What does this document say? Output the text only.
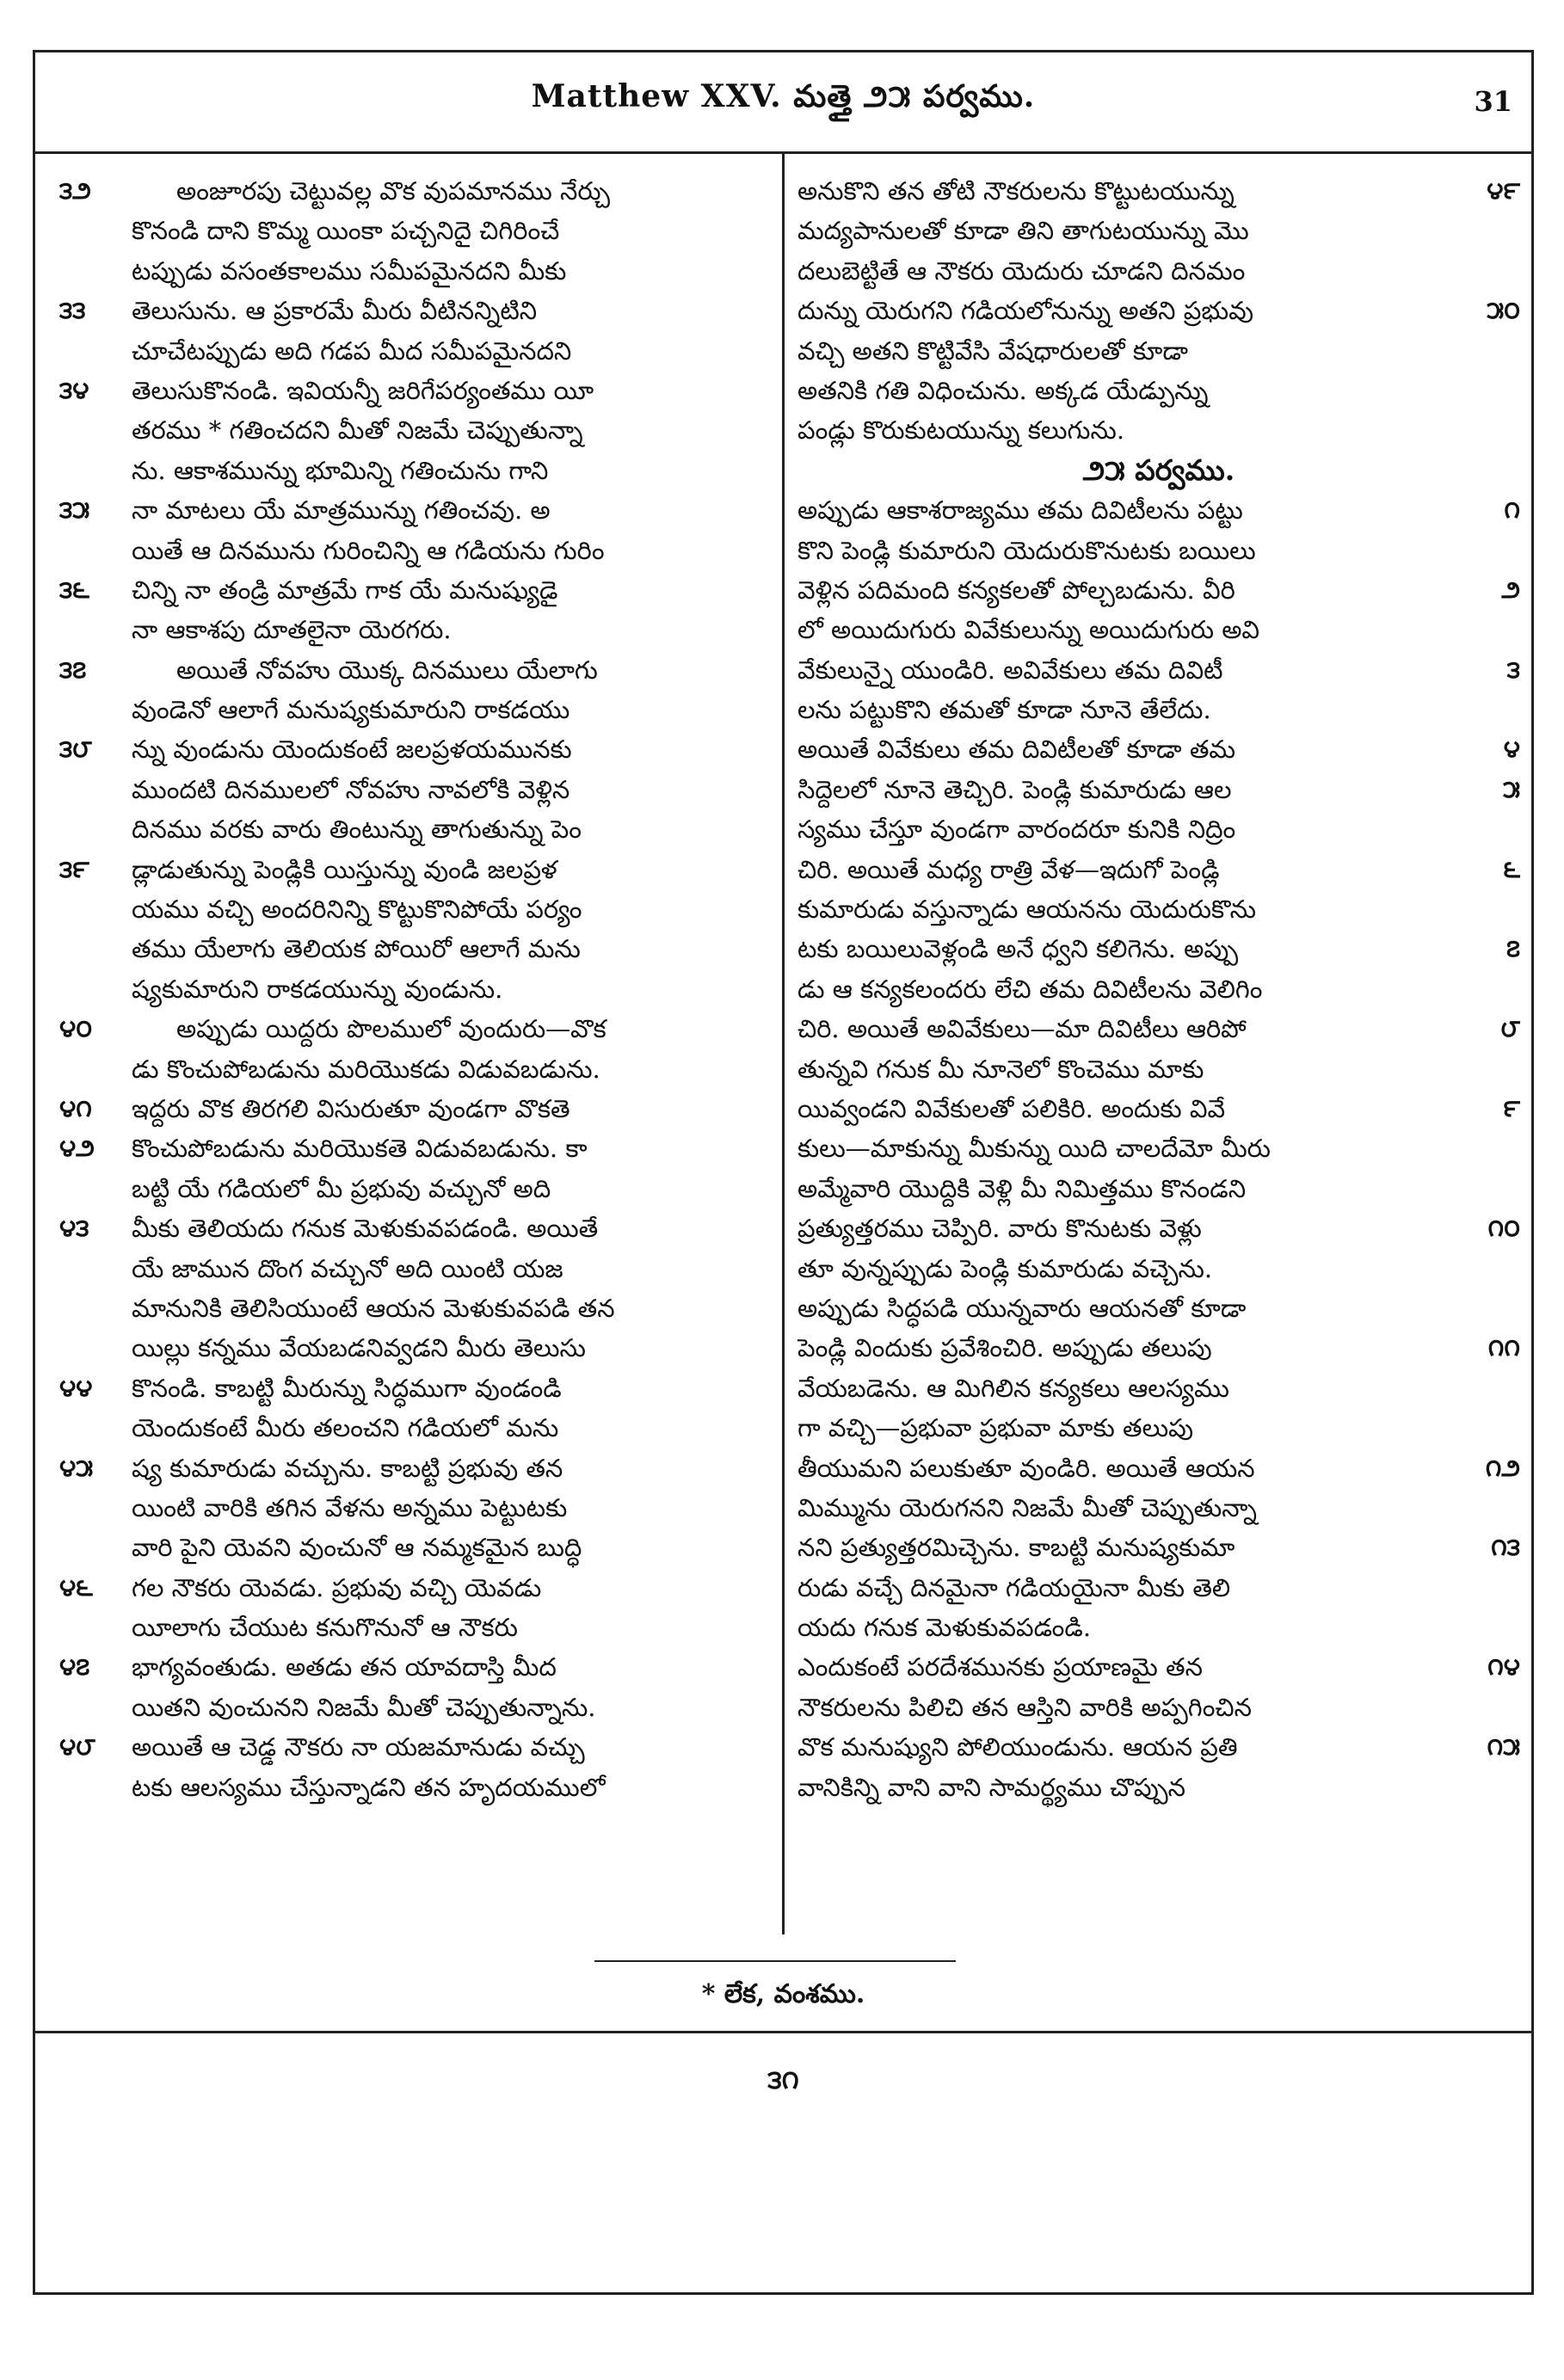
Matthew XXV. మత్తై ౨౫ పర్వము.	31
౩౨	అంజూరపు చెట్టువల్ల వొక వుపమానము నేర్చు
కొనండి దాని కొమ్మ యింకా పచ్చనిదై చిగిరించే
టప్పుడు వసంతకాలము సమీపమైనదని మీకు
౩౩ తెలుసును. ఆ ప్రకారమే మీరు వీటినన్నిటిని
చూచేటప్పుడు అది గడప మీద సమీపమైనదని
౩౪ తెలుసుకొనండి. ఇవియన్నీ జరిగేపర్యంతము యీ
తరము * గతించదని మీతో నిజమే చెప్పుతున్నా
ను. ఆకాశమున్ను భూమిన్ని గతించును గాని
౩౫ నా మాటలు యే మాత్రమున్ను గతించవు. అ
యితే ఆ దినమును గురించిన్ని ఆ గడియను గురిం
౩౬ చిన్ని నా తండ్రి మాత్రమే గాక యే మనుష్యుడై
నా ఆకాశపు దూతలైనా యెరగరు.
౩౭	అయితే నోవహు యొక్క దినములు యేలాగు
వుండెనో ఆలాగే మనుష్యకుమారుని రాకడయు
౩౮ న్ను వుండును యెందుకంటే జలప్రళయమునకు
ముందటి దినములలో నోవహు నావలోకి వెళ్లిన
దినము వరకు వారు తింటున్ను తాగుతున్ను పెం
౩౯ డ్లాడుతున్ను పెండ్లికి యిస్తున్ను వుండి జలప్రళ
యము వచ్చి అందరినిన్ని కొట్టుకొనిపోయే పర్యం
తము యేలాగు తెలియక పోయిరో ఆలాగే మను
ష్యకుమారుని రాకడయున్ను వుండును.
౪౦	అప్పుడు యిద్దరు పొలములో వుందురు—వొక
డు కొంచుపోబడును మరియొకడు విడువబడును.
౪౧ ఇద్దరు వొక తిరగలి విసురుతూ వుండగా వొకతె
౪౨ కొంచుపోబడును మరియొకతె విడువబడును. కా
బట్టి యే గడియలో మీ ప్రభువు వచ్చునో అది
౪౩ మీకు తెలియదు గనుక మెళుకువపడండి. అయితే
యే జామున దొంగ వచ్చునో అది యింటి యజ
మానునికి తెలిసియుంటే ఆయన మెళుకువపడి తన
యిల్లు కన్నము వేయబడనివ్వడని మీరు తెలుసు
౪౪ కొనండి. కాబట్టి మీరున్ను సిద్ధముగా వుండండి
యెందుకంటే మీరు తలంచని గడియలో మను
౪౫ ష్య కుమారుడు వచ్చును. కాబట్టి ప్రభువు తన
యింటి వారికి తగిన వేళను అన్నము పెట్టుటకు
వారి పైని యెవని వుంచునో ఆ నమ్మకమైన బుద్ధి
౪౬ గల నౌకరు యెవడు. ప్రభువు వచ్చి యెవడు
యీలాగు చేయుట కనుగొనునో ఆ నౌకరు
౪౭ భాగ్యవంతుడు. అతడు తన యావదాస్తి మీద
యితని వుంచునని నిజమే మీతో చెప్పుతున్నాను.
౪౮ అయితే ఆ చెడ్డ నౌకరు నా యజమానుడు వచ్చు
టకు ఆలస్యము చేస్తున్నాడని తన హృదయములో
౪౯
అనుకొని తన తోటి నౌకరులను కొట్టుటయున్ను
మద్యపానులతో కూడా తిని తాగుటయున్ను మొ
దలుబెట్టితే ఆ నౌకరు యెదురు చూడని దినమం
౫౦
దున్ను యెరుగని గడియలోనున్ను అతని ప్రభువు
వచ్చి అతని కొట్టివేసి వేషధారులతో కూడా
అతనికి గతి విధించును. అక్కడ యేడ్పున్ను
పండ్లు కొరుకుటయున్ను కలుగును.
౨౫ పర్వము.
౧
అప్పుడు ఆకాశరాజ్యము తమ దివిటీలను పట్టు
కొని పెండ్లి కుమారుని యెదురుకొనుటకు బయిలు
౨
వెళ్లిన పదిమంది కన్యకలతో పోల్చబడును. వీరి
లో అయిదుగురు వివేకులున్ను అయిదుగురు అవి
౩
వేకులున్నై యుండిరి. అవివేకులు తమ దివిటీ
లను పట్టుకొని తమతో కూడా నూనె తేలేదు.
౪
అయితే వివేకులు తమ దివిటీలతో కూడా తమ
౫
సిద్దెలలో నూనె తెచ్చిరి. పెండ్లి కుమారుడు ఆల
స్యము చేస్తూ వుండగా వారందరూ కునికి నిద్రిం
౬
చిరి. అయితే మధ్య రాత్రి వేళ—ఇదుగో పెండ్లి
కుమారుడు వస్తున్నాడు ఆయనను యెదురుకొను
౭
టకు బయిలువెళ్లండి అనే ధ్వని కలిగెను. అప్పు
డు ఆ కన్యకలందరు లేచి తమ దివిటీలను వెలిగిం
౮
చిరి. అయితే అవివేకులు—మా దివిటీలు ఆరిపో
తున్నవి గనుక మీ నూనెలో కొంచెము మాకు
౯
యివ్వండని వివేకులతో పలికిరి. అందుకు వివే
కులు—మాకున్ను మీకున్ను యిది చాలదేమో మీరు
అమ్మేవారి యొద్దికి వెళ్లి మీ నిమిత్తము కొనండని
౧౦
ప్రత్యుత్తరము చెప్పిరి. వారు కొనుటకు వెళ్లు
తూ వున్నప్పుడు పెండ్లి కుమారుడు వచ్చెను.
అప్పుడు సిద్ధపడి యున్నవారు ఆయనతో కూడా
౧౧
పెండ్లి విందుకు ప్రవేశించిరి. అప్పుడు తలుపు
వేయబడెను. ఆ మిగిలిన కన్యకలు ఆలస్యము
గా వచ్చి—ప్రభువా ప్రభువా మాకు తలుపు
౧౨
తీయుమని పలుకుతూ వుండిరి. అయితే ఆయన
మిమ్మును యెరుగనని నిజమే మీతో చెప్పుతున్నా
౧౩
నని ప్రత్యుత్తరమిచ్చెను. కాబట్టి మనుష్యకుమా
రుడు వచ్చే దినమైనా గడియయైనా మీకు తెలి
యదు గనుక మెళుకువపడండి.
౧౪
ఎందుకంటే పరదేశమునకు ప్రయాణమై తన
నౌకరులను పిలిచి తన ఆస్తిని వారికి అప్పగించిన
౧౫
వొక మనుష్యుని పోలియుండును. ఆయన ప్రతి
వానికిన్ని వాని వాని సామర్థ్యము చొప్పున
* లేక, వంశము.
౩౧
